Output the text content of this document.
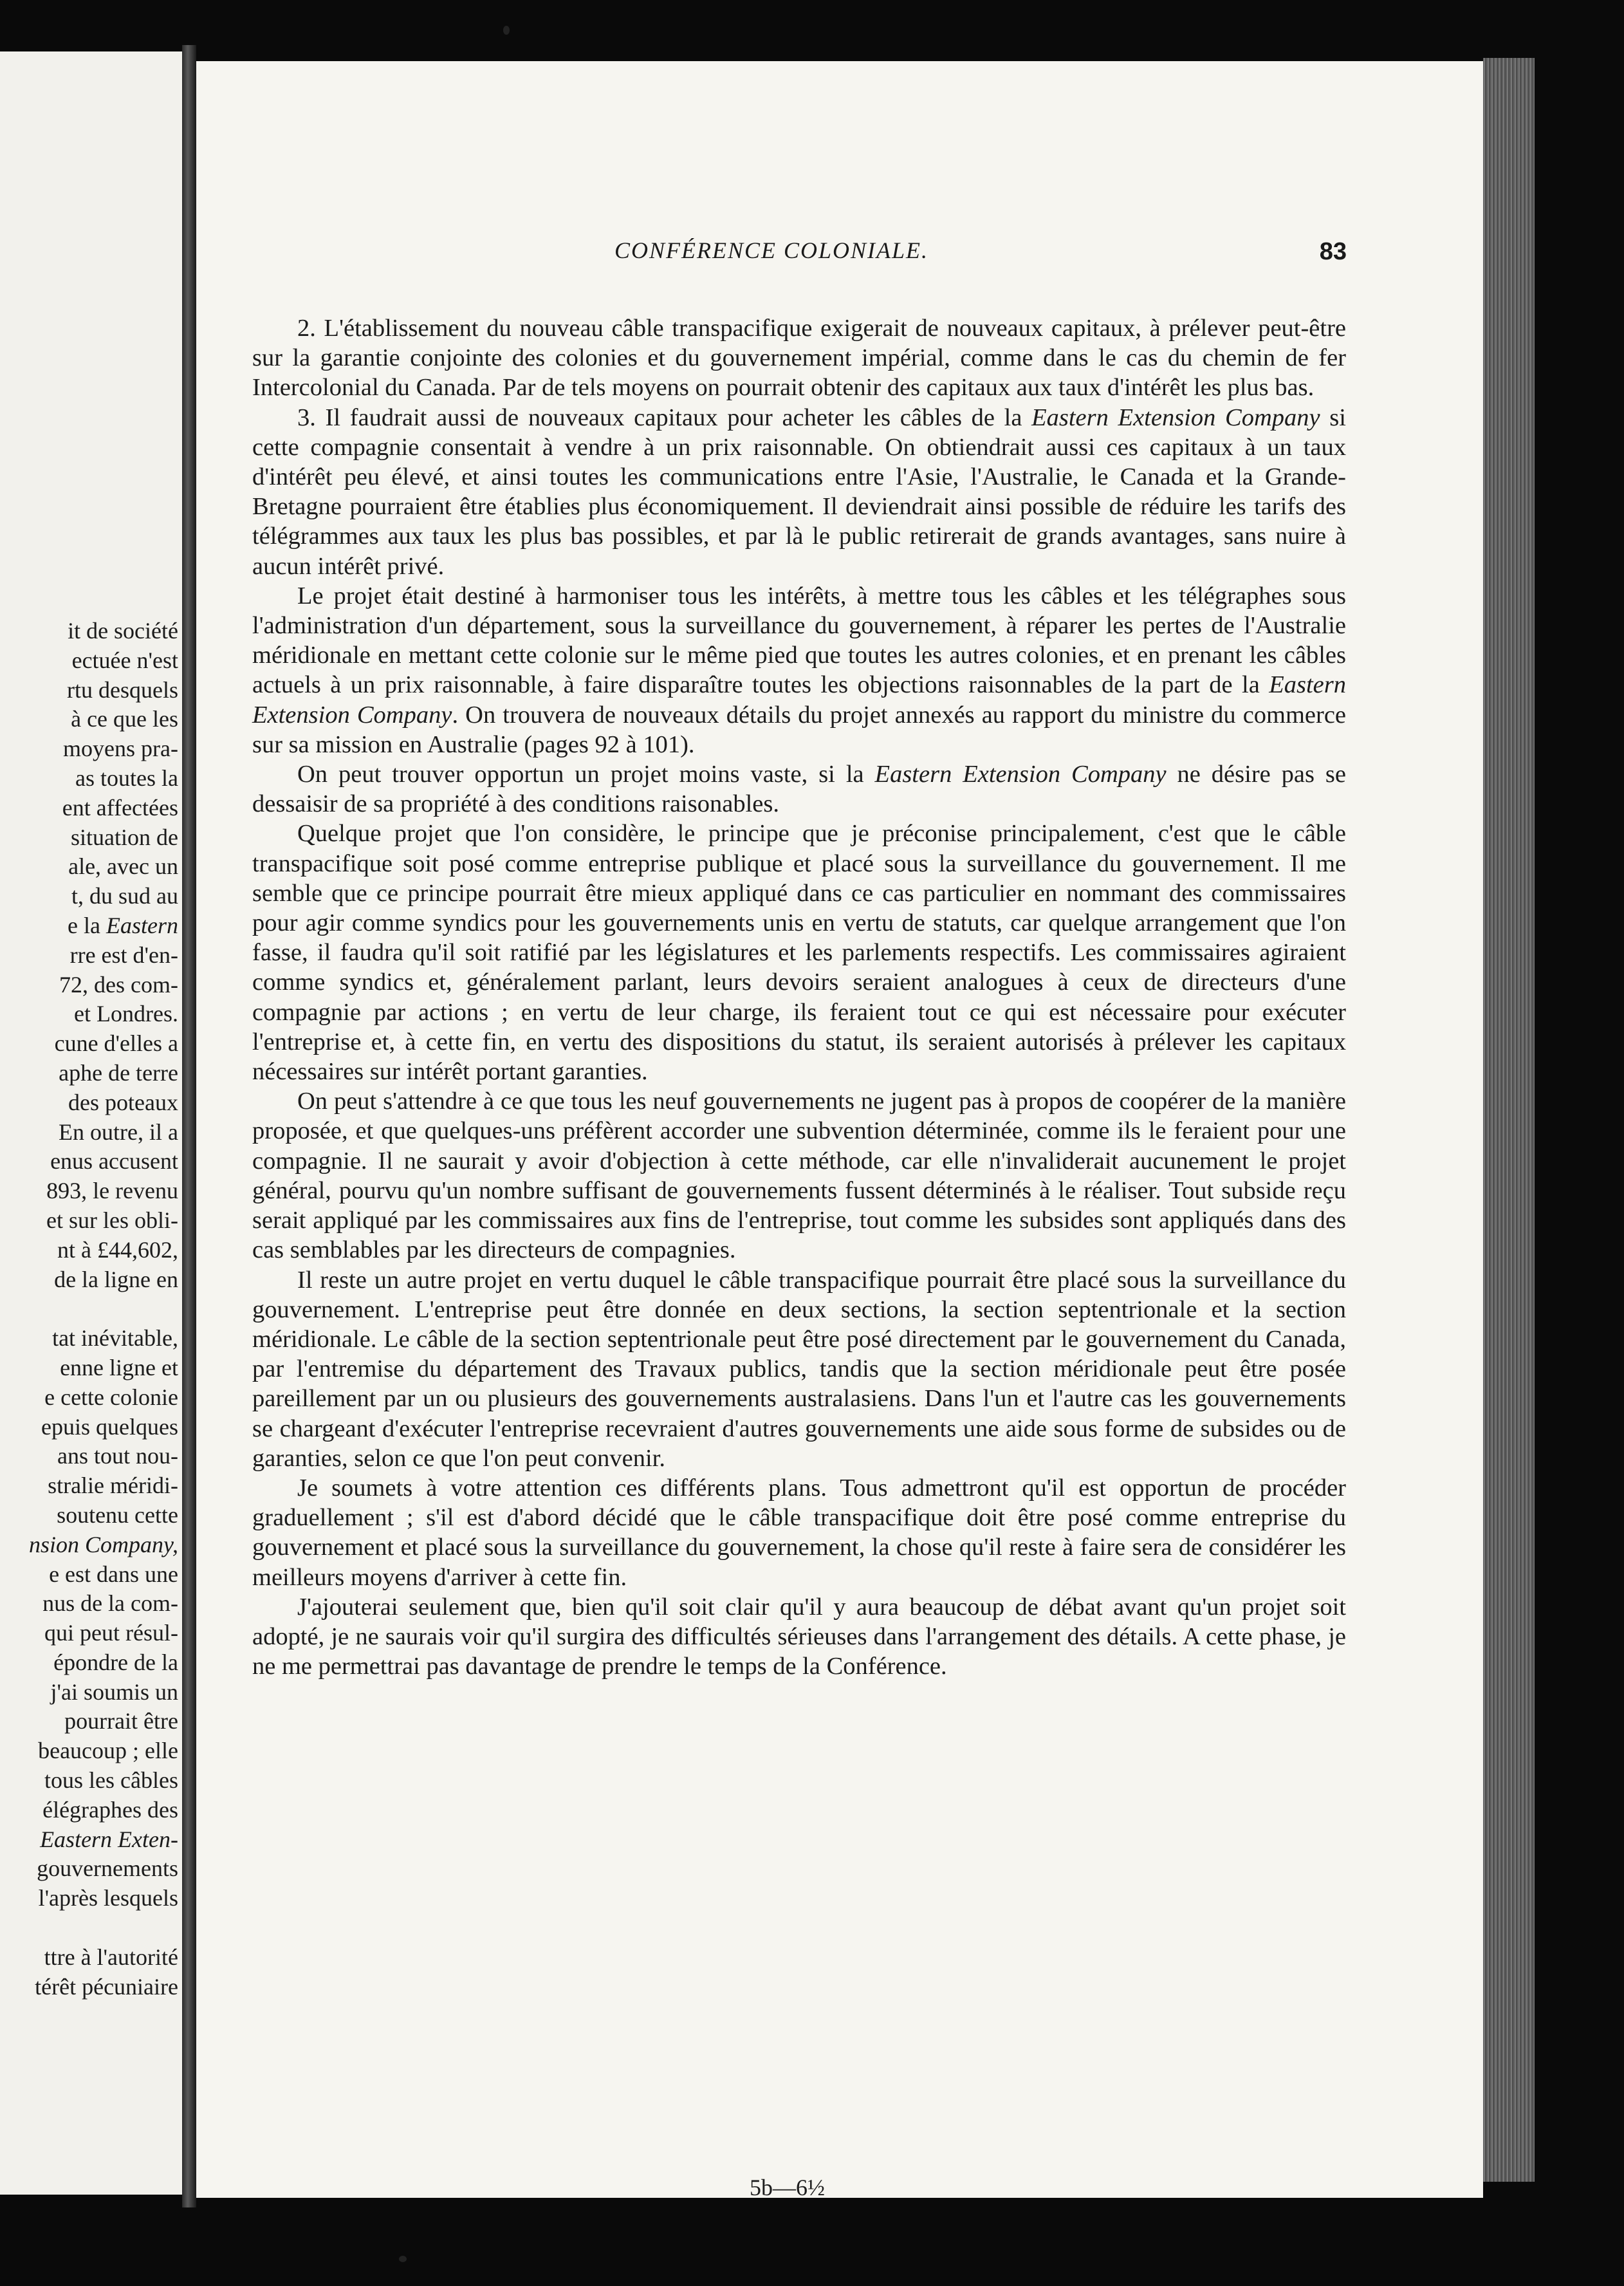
it de société
ectuée n'est
rtu desquels
à ce que les
moyens pra-
as toutes la
ent affectées
situation de
ale, avec un
t, du sud au
e la Eastern
rre est d'en-
72, des com-
et Londres.
cune d'elles a
aphe de terre
des poteaux
En outre, il a
enus accusent
893, le revenu
et sur les obli-
nt à £44,602,
de la ligne en
tat inévitable,
enne ligne et
e cette colonie
epuis quelques
ans tout nou-
stralie méridi-
soutenu cette
nsion Company,
e est dans une
nus de la com-
qui peut résul-
épondre de la
j'ai soumis un
pourrait être
beaucoup ; elle
tous les câbles
élégraphes des
Eastern Exten-
gouvernements
l'après lesquels
ttre à l'autorité
térêt pécuniaire
CONFÉRENCE COLONIALE.	83

2. L'établissement du nouveau câble transpacifique exigerait de nouveaux capitaux, à prélever peut-être sur la garantie conjointe des colonies et du gouvernement impérial, comme dans le cas du chemin de fer Intercolonial du Canada. Par de tels moyens on pourrait obtenir des capitaux aux taux d'intérêt les plus bas.

3. Il faudrait aussi de nouveaux capitaux pour acheter les câbles de la Eastern Extension Company si cette compagnie consentait à vendre à un prix raisonnable. On obtiendrait aussi ces capitaux à un taux d'intérêt peu élevé, et ainsi toutes les communications entre l'Asie, l'Australie, le Canada et la Grande-Bretagne pourraient être établies plus économiquement. Il deviendrait ainsi possible de réduire les tarifs des télégrammes aux taux les plus bas possibles, et par là le public retirerait de grands avantages, sans nuire à aucun intérêt privé.

Le projet était destiné à harmoniser tous les intérêts, à mettre tous les câbles et les télégraphes sous l'administration d'un département, sous la surveillance du gouvernement, à réparer les pertes de l'Australie méridionale en mettant cette colonie sur le même pied que toutes les autres colonies, et en prenant les câbles actuels à un prix raisonnable, à faire disparaître toutes les objections raisonnables de la part de la Eastern Extension Company. On trouvera de nouveaux détails du projet annexés au rapport du ministre du commerce sur sa mission en Australie (pages 92 à 101).

On peut trouver opportun un projet moins vaste, si la Eastern Extension Company ne désire pas se dessaisir de sa propriété à des conditions raisonables.

Quelque projet que l'on considère, le principe que je préconise principalement, c'est que le câble transpacifique soit posé comme entreprise publique et placé sous la surveillance du gouvernement. Il me semble que ce principe pourrait être mieux appliqué dans ce cas particulier en nommant des commissaires pour agir comme syndics pour les gouvernements unis en vertu de statuts, car quelque arrangement que l'on fasse, il faudra qu'il soit ratifié par les législatures et les parlements respectifs. Les commissaires agiraient comme syndics et, généralement parlant, leurs devoirs seraient analogues à ceux de directeurs d'une compagnie par actions ; en vertu de leur charge, ils feraient tout ce qui est nécessaire pour exécuter l'entreprise et, à cette fin, en vertu des dispositions du statut, ils seraient autorisés à prélever les capitaux nécessaires sur intérêt portant garanties.

On peut s'attendre à ce que tous les neuf gouvernements ne jugent pas à propos de coopérer de la manière proposée, et que quelques-uns préfèrent accorder une subvention déterminée, comme ils le feraient pour une compagnie. Il ne saurait y avoir d'objection à cette méthode, car elle n'invaliderait aucunement le projet général, pourvu qu'un nombre suffisant de gouvernements fussent déterminés à le réaliser. Tout subside reçu serait appliqué par les commissaires aux fins de l'entreprise, tout comme les subsides sont appliqués dans des cas semblables par les directeurs de compagnies.

Il reste un autre projet en vertu duquel le câble transpacifique pourrait être placé sous la surveillance du gouvernement. L'entreprise peut être donnée en deux sections, la section septentrionale et la section méridionale. Le câble de la section septentrionale peut être posé directement par le gouvernement du Canada, par l'entremise du département des Travaux publics, tandis que la section méridionale peut être posée pareillement par un ou plusieurs des gouvernements australasiens. Dans l'un et l'autre cas les gouvernements se chargeant d'exécuter l'entreprise recevraient d'autres gouvernements une aide sous forme de subsides ou de garanties, selon ce que l'on peut convenir.

Je soumets à votre attention ces différents plans. Tous admettront qu'il est opportun de procéder graduellement ; s'il est d'abord décidé que le câble transpacifique doit être posé comme entreprise du gouvernement et placé sous la surveillance du gouvernement, la chose qu'il reste à faire sera de considérer les meilleurs moyens d'arriver à cette fin.

J'ajouterai seulement que, bien qu'il soit clair qu'il y aura beaucoup de débat avant qu'un projet soit adopté, je ne saurais voir qu'il surgira des difficultés sérieuses dans l'arrangement des détails. A cette phase, je ne me permettrai pas davantage de prendre le temps de la Conférence.

5b—6½
